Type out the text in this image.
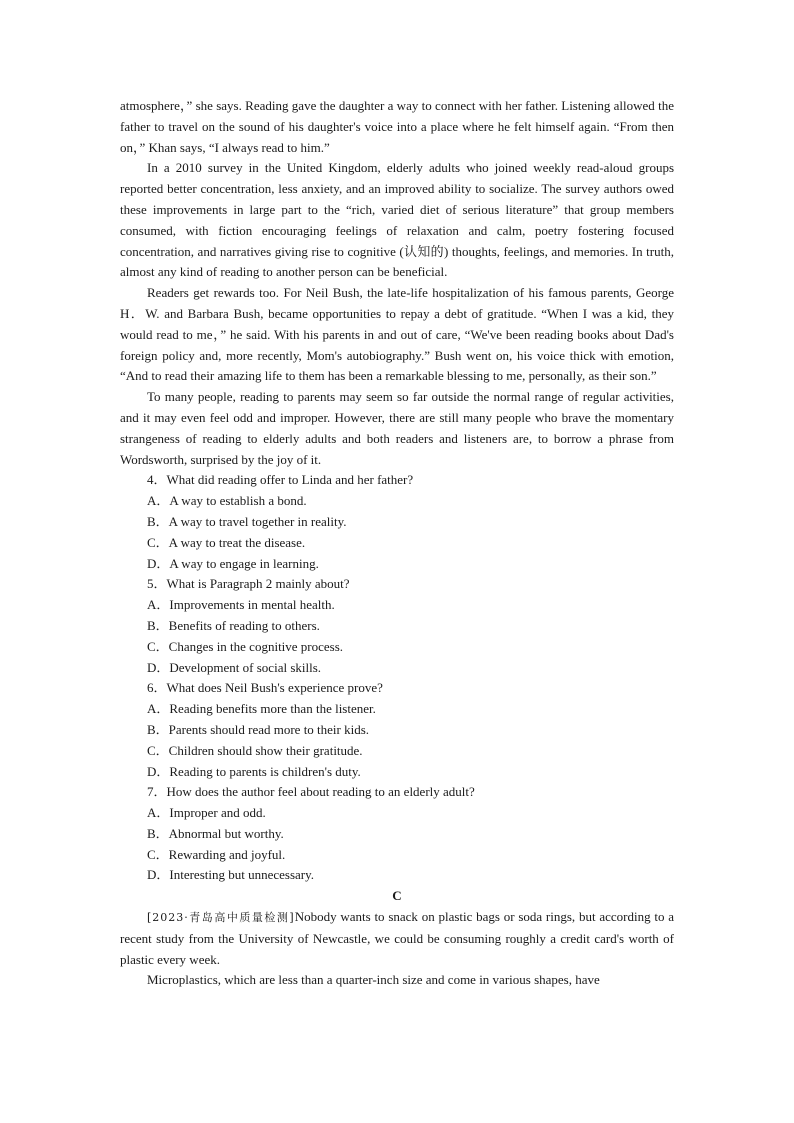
atmosphere，” she says. Reading gave the daughter a way to connect with her father. Listening allowed the father to travel on the sound of his daughter's voice into a place where he felt himself again. “From then on，” Khan says, “I always read to him.”

In a 2010 survey in the United Kingdom, elderly adults who joined weekly read-aloud groups reported better concentration, less anxiety, and an improved ability to socialize. The survey authors owed these improvements in large part to the “rich, varied diet of serious literature” that group members consumed, with fiction encouraging feelings of relaxation and calm, poetry fostering focused concentration, and narratives giving rise to cognitive (认知的) thoughts, feelings, and memories. In truth, almost any kind of reading to another person can be beneficial.

Readers get rewards too. For Neil Bush, the late-life hospitalization of his famous parents, George H．W. and Barbara Bush, became opportunities to repay a debt of gratitude. “When I was a kid, they would read to me，” he said. With his parents in and out of care, “We've been reading books about Dad's foreign policy and, more recently, Mom's autobiography.” Bush went on, his voice thick with emotion, “And to read their amazing life to them has been a remarkable blessing to me, personally, as their son.”

To many people, reading to parents may seem so far outside the normal range of regular activities, and it may even feel odd and improper. However, there are still many people who brave the momentary strangeness of reading to elderly adults and both readers and listeners are, to borrow a phrase from Wordsworth, surprised by the joy of it.

4．What did reading offer to Linda and her father?

A．A way to establish a bond.

B．A way to travel together in reality.

C．A way to treat the disease.

D．A way to engage in learning.

5．What is Paragraph 2 mainly about?

A．Improvements in mental health.

B．Benefits of reading to others.

C．Changes in the cognitive process.

D．Development of social skills.

6．What does Neil Bush's experience prove?

A．Reading benefits more than the listener.

B．Parents should read more to their kids.

C．Children should show their gratitude.

D．Reading to parents is children's duty.

7．How does the author feel about reading to an elderly adult?

A．Improper and odd.

B．Abnormal but worthy.

C．Rewarding and joyful.

D．Interesting but unnecessary.

C

[2023·青岛高中质量检测]Nobody wants to snack on plastic bags or soda rings, but according to a recent study from the University of Newcastle, we could be consuming roughly a credit card's worth of plastic every week.

Microplastics, which are less than a quarter-inch size and come in various shapes, have
